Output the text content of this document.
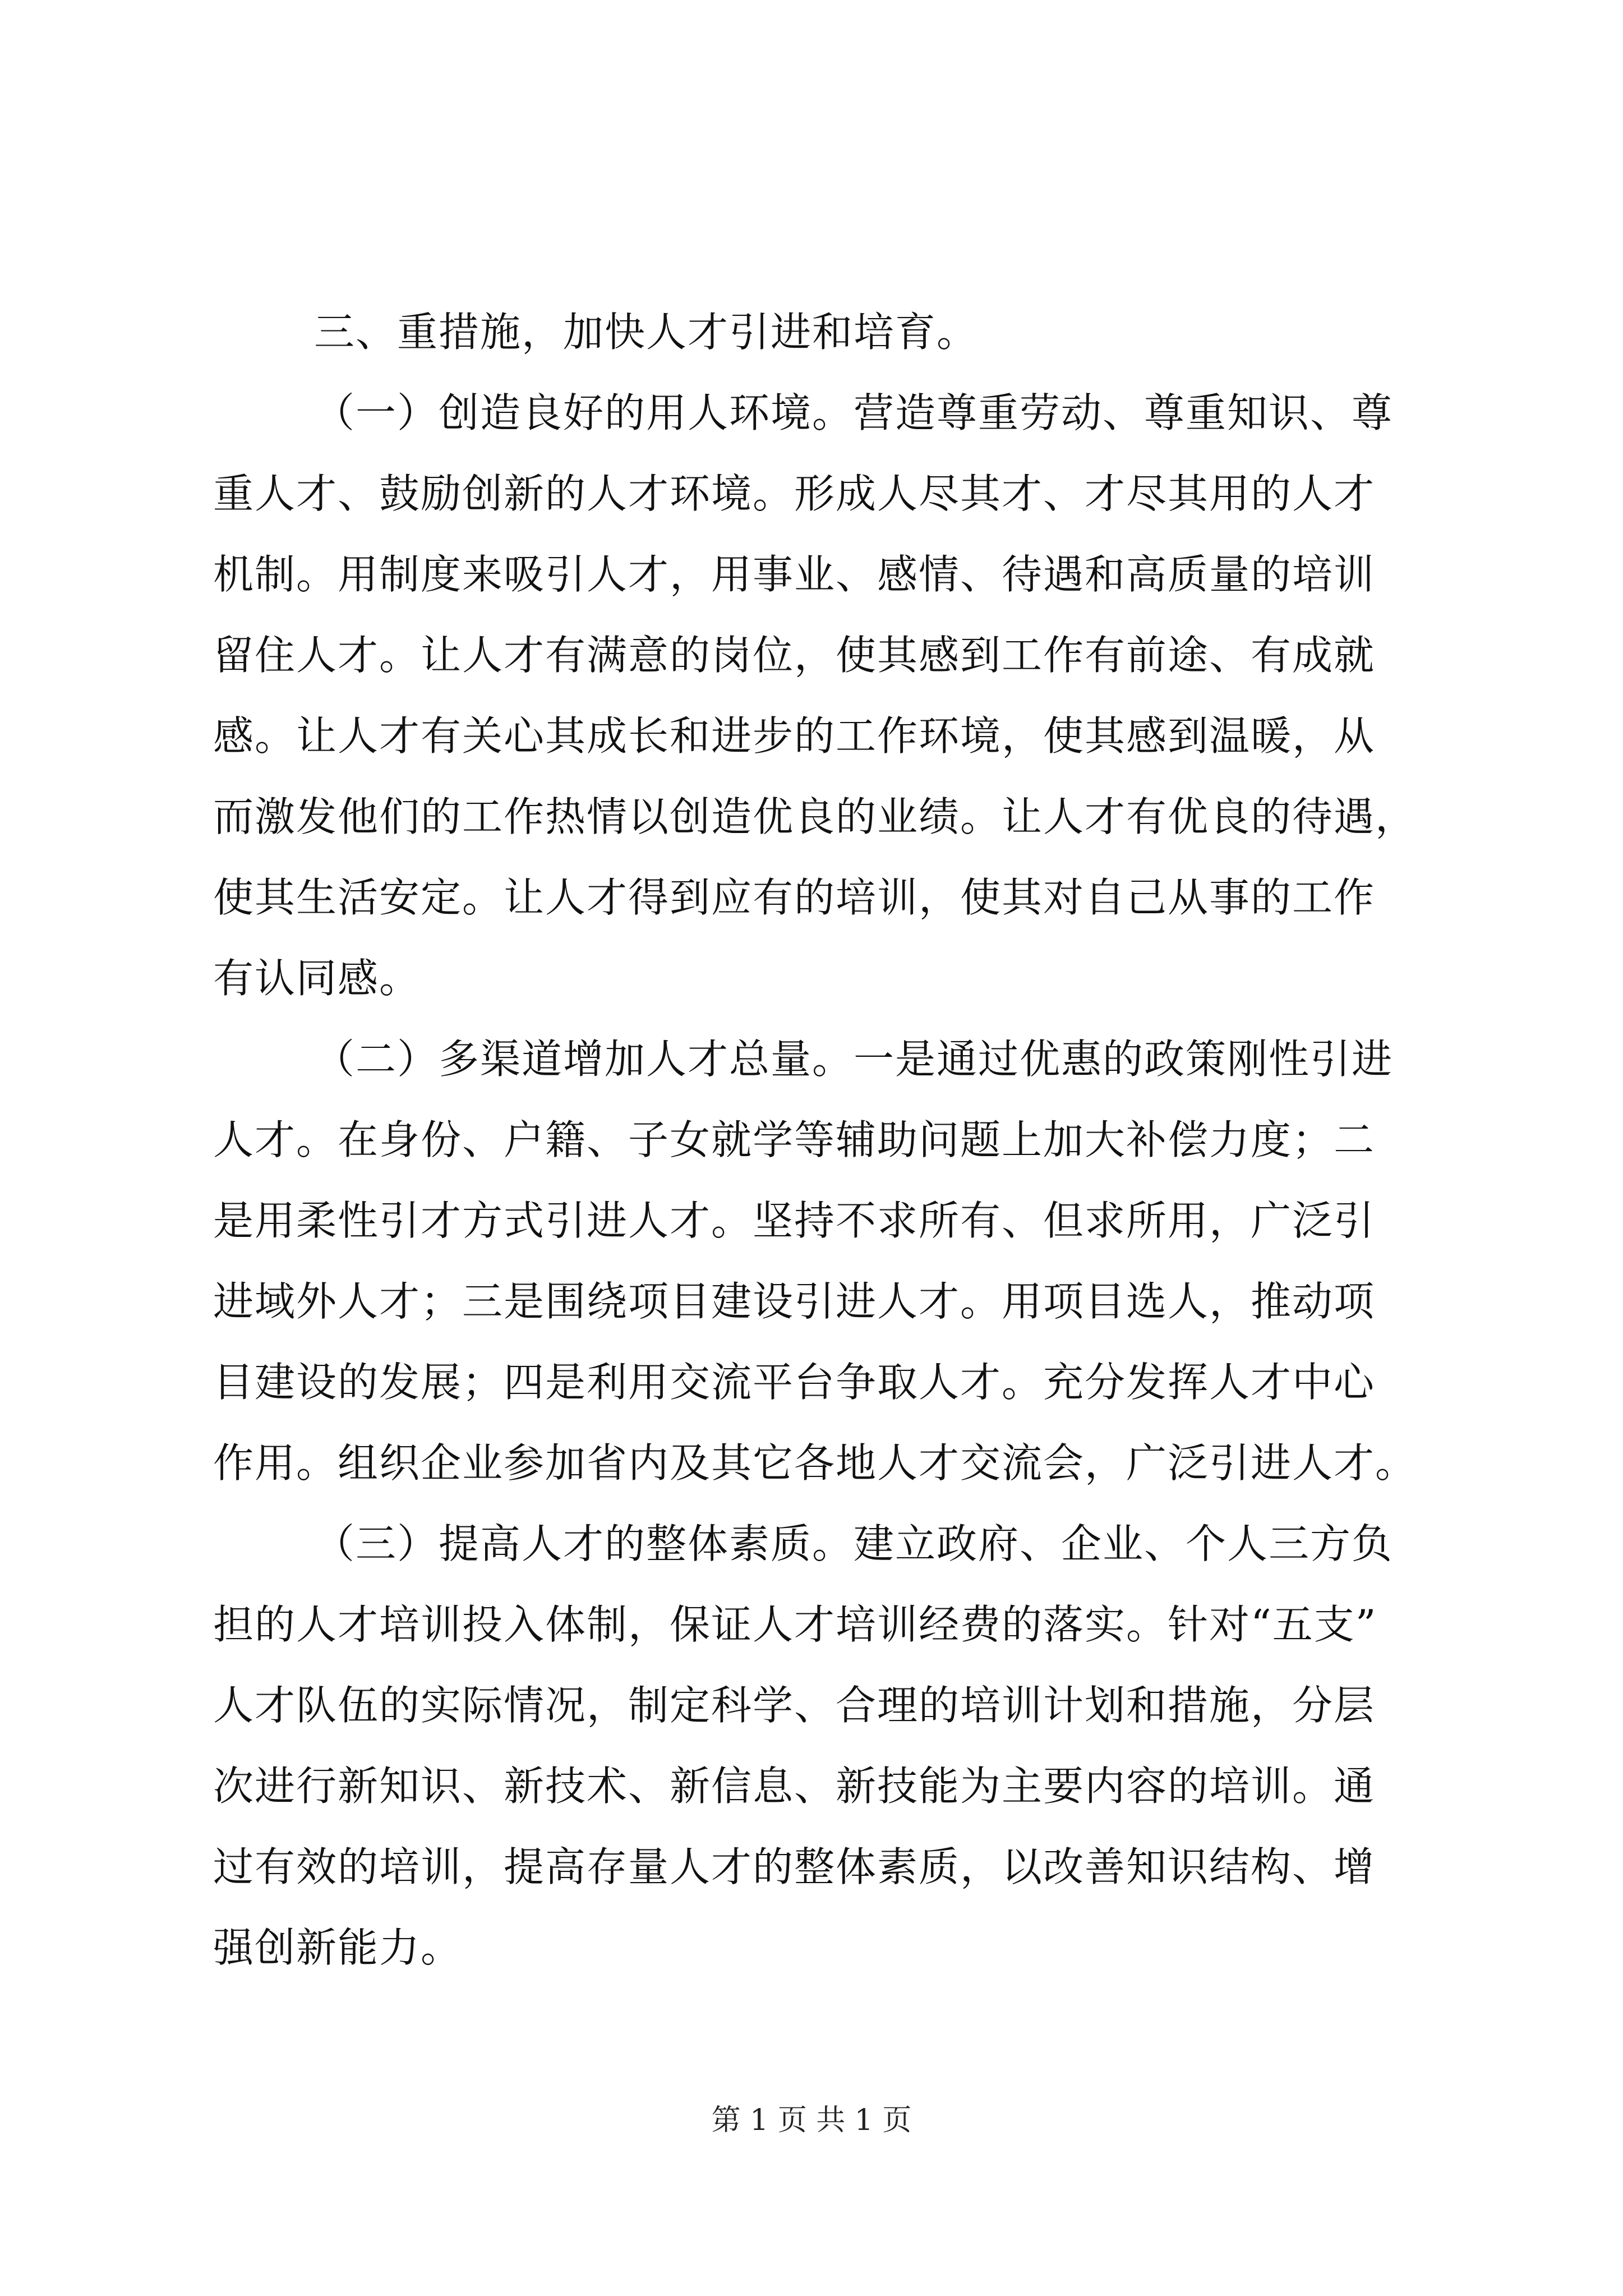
三、重措施，加快人才引进和培育。
（一）创造良好的用人环境。营造尊重劳动、尊重知识、尊
重人才、鼓励创新的人才环境。形成人尽其才、才尽其用的人才
机制。用制度来吸引人才，用事业、感情、待遇和高质量的培训
留住人才。让人才有满意的岗位，使其感到工作有前途、有成就
感。让人才有关心其成长和进步的工作环境，使其感到温暖，从
而激发他们的工作热情以创造优良的业绩。让人才有优良的待遇，
使其生活安定。让人才得到应有的培训，使其对自己从事的工作
有认同感。
（二）多渠道增加人才总量。一是通过优惠的政策刚性引进
人才。在身份、户籍、子女就学等辅助问题上加大补偿力度；二
是用柔性引才方式引进人才。坚持不求所有、但求所用，广泛引
进域外人才；三是围绕项目建设引进人才。用项目选人，推动项
目建设的发展；四是利用交流平台争取人才。充分发挥人才中心
作用。组织企业参加省内及其它各地人才交流会，广泛引进人才。
（三）提高人才的整体素质。建立政府、企业、个人三方负
担的人才培训投入体制，保证人才培训经费的落实。针对“五支”
人才队伍的实际情况，制定科学、合理的培训计划和措施，分层
次进行新知识、新技术、新信息、新技能为主要内容的培训。通
过有效的培训，提高存量人才的整体素质，以改善知识结构、增
强创新能力。
第 1 页 共 1 页
